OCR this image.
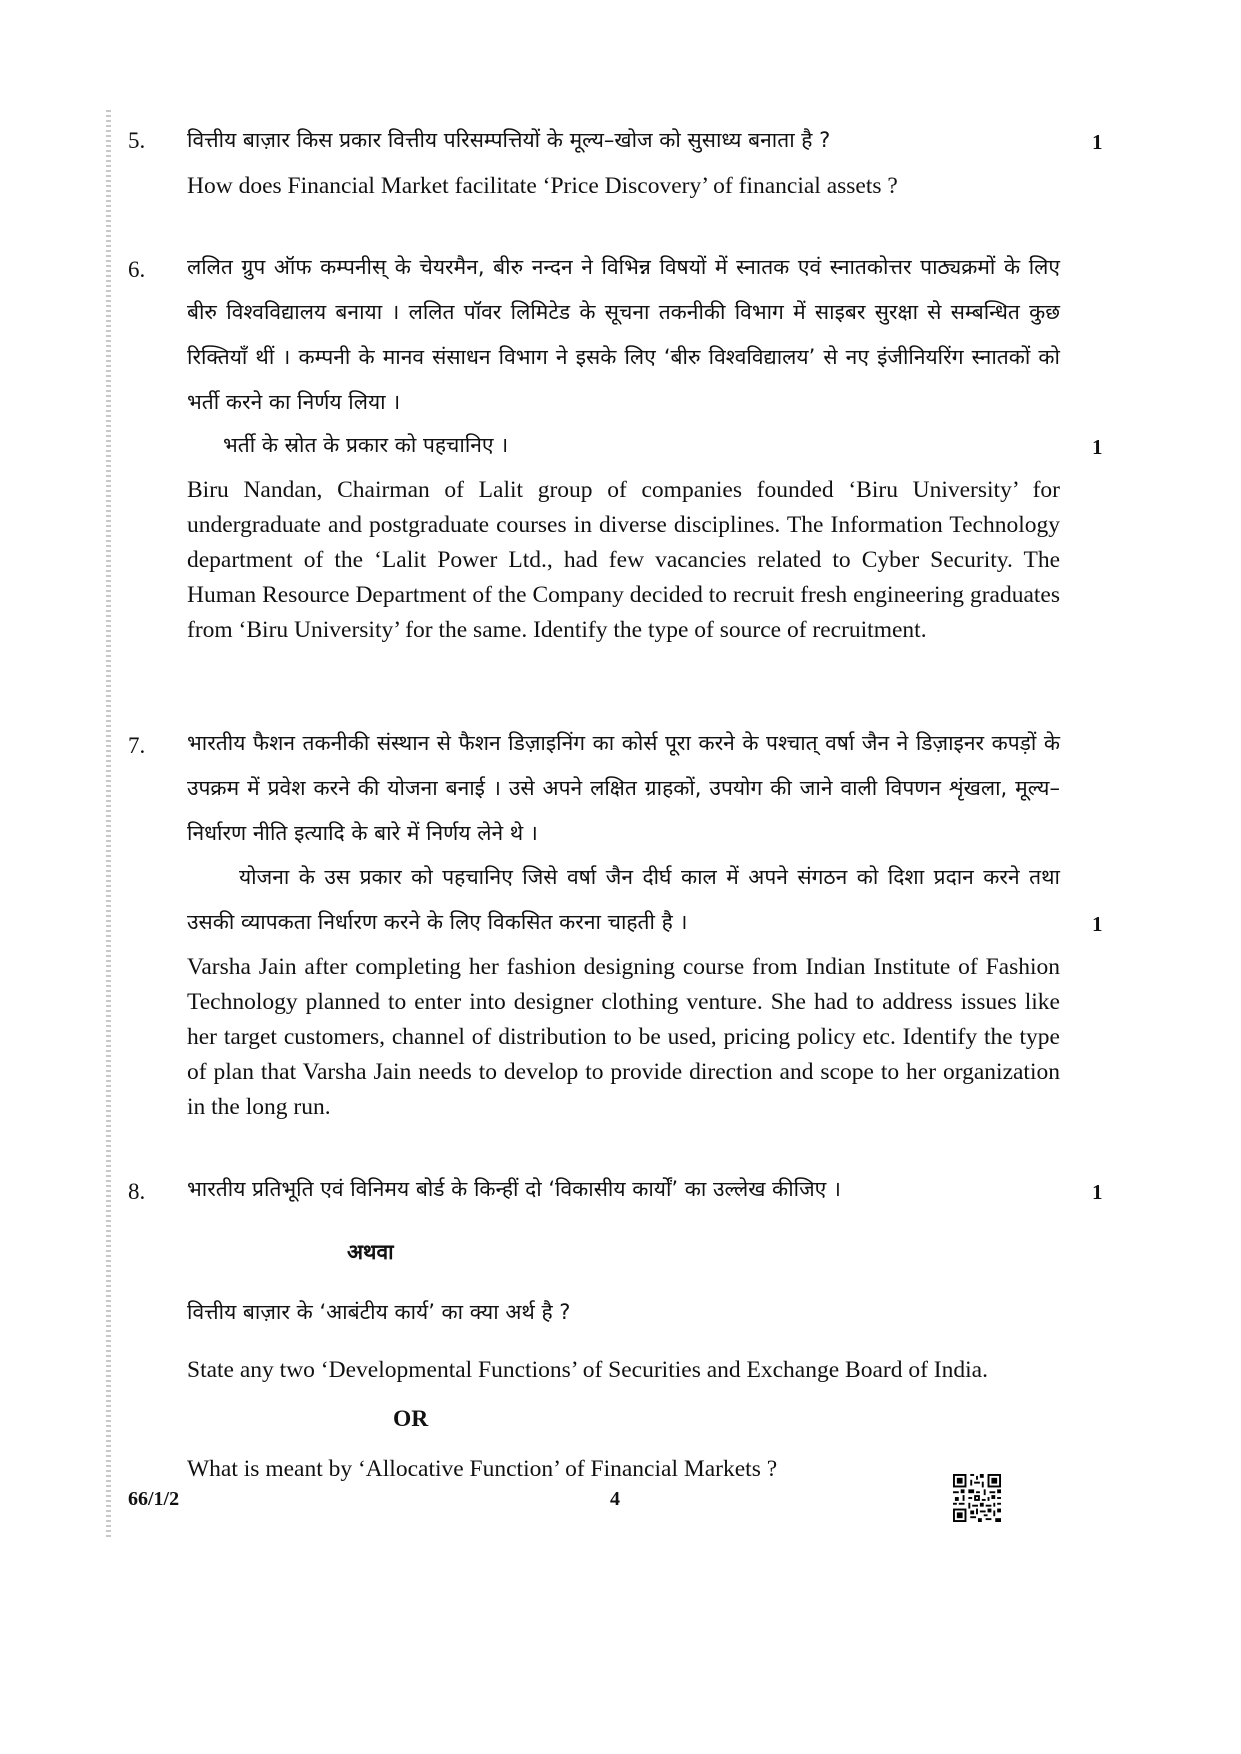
5. वित्तीय बाज़ार किस प्रकार वित्तीय परिसम्पत्तियों के मूल्य–खोज को सुसाध्य बनाता है ?	1

How does Financial Market facilitate ‘Price Discovery’ of financial assets ?

6. ललित ग्रुप ऑफ कम्पनीस् के चेयरमैन, बीरु नन्दन ने विभिन्न विषयों में स्नातक एवं स्नातकोत्तर पाठ्यक्रमों के लिए बीरु विश्वविद्यालय बनाया । ललित पॉवर लिमिटेड के सूचना तकनीकी विभाग में साइबर सुरक्षा से सम्बन्धित कुछ रिक्तियाँ थीं । कम्पनी के मानव संसाधन विभाग ने इसके लिए ‘बीरु विश्वविद्यालय’ से नए इंजीनियरिंग स्नातकों को भर्ती करने का निर्णय लिया ।

भर्ती के स्रोत के प्रकार को पहचानिए ।	1

Biru Nandan, Chairman of Lalit group of companies founded ‘Biru University’ for undergraduate and postgraduate courses in diverse disciplines. The Information Technology department of the ‘Lalit Power Ltd., had few vacancies related to Cyber Security. The Human Resource Department of the Company decided to recruit fresh engineering graduates from ‘Biru University’ for the same. Identify the type of source of recruitment.

7. भारतीय फैशन तकनीकी संस्थान से फैशन डिज़ाइनिंग का कोर्स पूरा करने के पश्चात् वर्षा जैन ने डिज़ाइनर कपड़ों के उपक्रम में प्रवेश करने की योजना बनाई । उसे अपने लक्षित ग्राहकों, उपयोग की जाने वाली विपणन शृंखला, मूल्य–निर्धारण नीति इत्यादि के बारे में निर्णय लेने थे ।

योजना के उस प्रकार को पहचानिए जिसे वर्षा जैन दीर्घ काल में अपने संगठन को दिशा प्रदान करने तथा उसकी व्यापकता निर्धारण करने के लिए विकसित करना चाहती है ।	1

Varsha Jain after completing her fashion designing course from Indian Institute of Fashion Technology planned to enter into designer clothing venture. She had to address issues like her target customers, channel of distribution to be used, pricing policy etc. Identify the type of plan that Varsha Jain needs to develop to provide direction and scope to her organization in the long run.

8. भारतीय प्रतिभूति एवं विनिमय बोर्ड के किन्हीं दो ‘विकासीय कार्यों’ का उल्लेख कीजिए ।	1

अथवा

वित्तीय बाज़ार के ‘आबंटीय कार्य’ का क्या अर्थ है ?

State any two ‘Developmental Functions’ of Securities and Exchange Board of India.

OR

What is meant by ‘Allocative Function’ of Financial Markets ?

66/1/2	4
